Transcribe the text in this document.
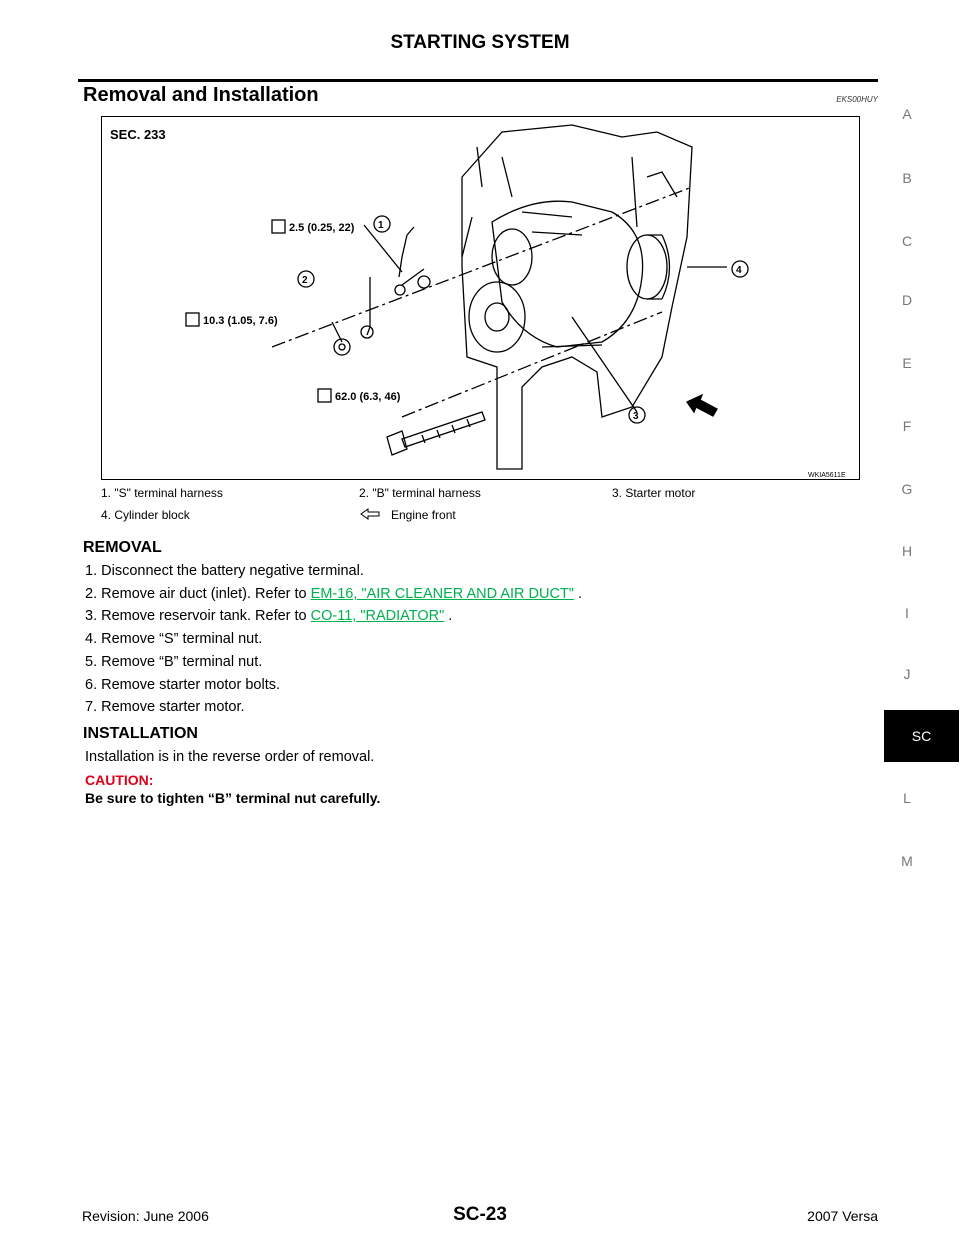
STARTING SYSTEM
Removal and Installation	EKS00HUY
SEC. 233
2.5 (0.25, 22)
10.3 (1.05, 7.6)
62.0 (6.3, 46)
1
2
3
4
WKIA5611E
1. "S" terminal harness	2. "B" terminal harness	3. Starter motor
4. Cylinder block	Engine front
REMOVAL
1. Disconnect the battery negative terminal.
2. Remove air duct (inlet). Refer to EM-16, "AIR CLEANER AND AIR DUCT" .
3. Remove reservoir tank. Refer to CO-11, "RADIATOR" .
4. Remove “S” terminal nut.
5. Remove “B” terminal nut.
6. Remove starter motor bolts.
7. Remove starter motor.
INSTALLATION
Installation is in the reverse order of removal.
CAUTION:
Be sure to tighten “B” terminal nut carefully.
A
B
C
D
E
F
G
H
I
J
SC
L
M
Revision: June 2006	SC-23	2007 Versa
